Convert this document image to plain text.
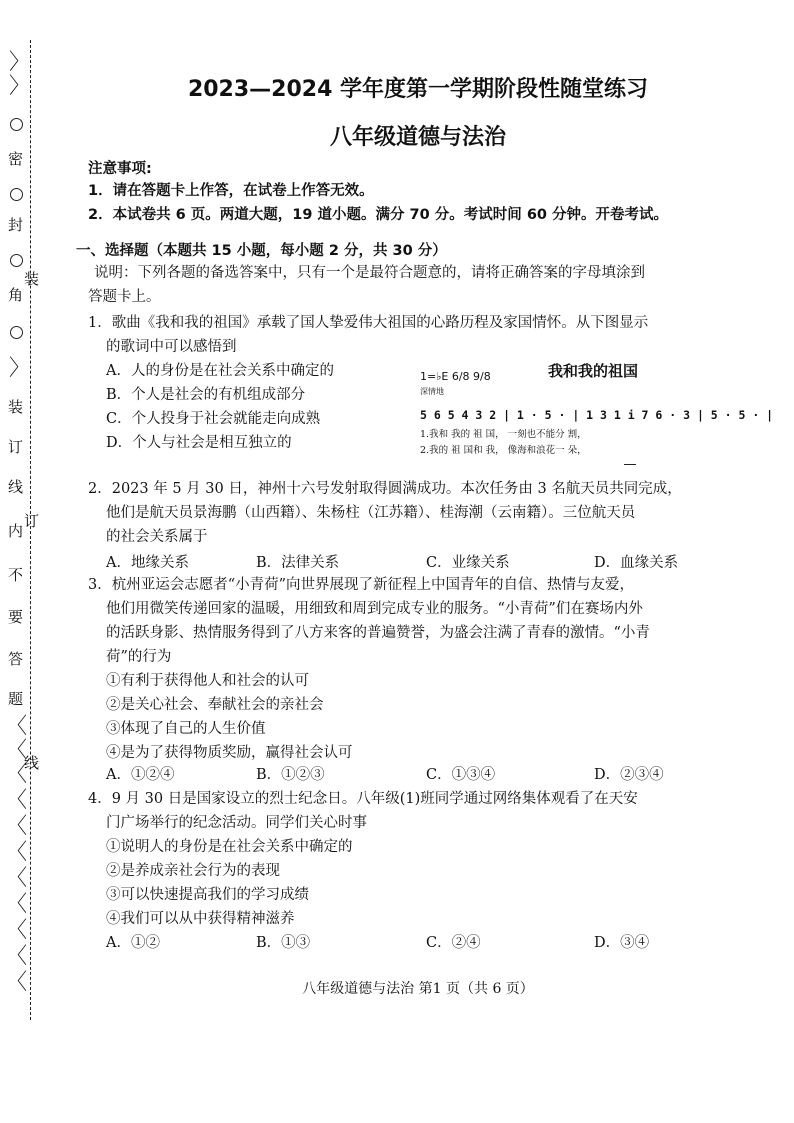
〉
〉
密
封
装
角
〉
装
订
线
订
内
不
要
答
题
〈
〈
线
〈
〈
〈
〈
〈
〈
〈
〈
〈
2023—2024 学年度第一学期阶段性随堂练习
八年级道德与法治
注意事项:
1．请在答题卡上作答，在试卷上作答无效。
2．本试卷共 6 页。两道大题，19 道小题。满分 70 分。考试时间 60 分钟。开卷考试。
一、选择题（本题共 15 小题，每小题 2 分，共 30 分）
说明：下列各题的备选答案中，只有一个是最符合题意的，请将正确答案的字母填涂到
答题卡上。
1．歌曲《我和我的祖国》承载了国人挚爱伟大祖国的心路历程及家国情怀。从下图显示
的歌词中可以感悟到
A．人的身份是在社会关系中确定的
B．个人是社会的有机组成部分
C．个人投身于社会就能走向成熟
D．个人与社会是相互独立的
1=♭E 6/8 9/8
深情地
我和我的祖国
5 6 5 4 3 2 | 1 · 5 · | 1 3 1 i 7 6 · 3 | 5 · 5 · |
1.我和 我的 祖 国， 一刻也不能分 割，
2.我的 祖 国和 我， 像海和浪花一 朵，
2．2023 年 5 月 30 日，神州十六号发射取得圆满成功。本次任务由 3 名航天员共同完成，
他们是航天员景海鹏（山西籍）、朱杨柱（江苏籍）、桂海潮（云南籍）。三位航天员
的社会关系属于
A．地缘关系	B．法律关系	C．业缘关系	D．血缘关系
3．杭州亚运会志愿者“小青荷”向世界展现了新征程上中国青年的自信、热情与友爱，
他们用微笑传递回家的温暖，用细致和周到完成专业的服务。“小青荷”们在赛场内外
的活跃身影、热情服务得到了八方来客的普遍赞誉，为盛会注满了青春的激情。“小青
荷”的行为
①有利于获得他人和社会的认可
②是关心社会、奉献社会的亲社会
③体现了自己的人生价值
④是为了获得物质奖励，赢得社会认可
A．①②④	B．①②③	C．①③④	D．②③④
4．9 月 30 日是国家设立的烈士纪念日。八年级(1)班同学通过网络集体观看了在天安
门广场举行的纪念活动。同学们关心时事
①说明人的身份是在社会关系中确定的
②是养成亲社会行为的表现
③可以快速提高我们的学习成绩
④我们可以从中获得精神滋养
A．①②	B．①③	C．②④	D．③④
八年级道德与法治 第1 页（共 6 页）
